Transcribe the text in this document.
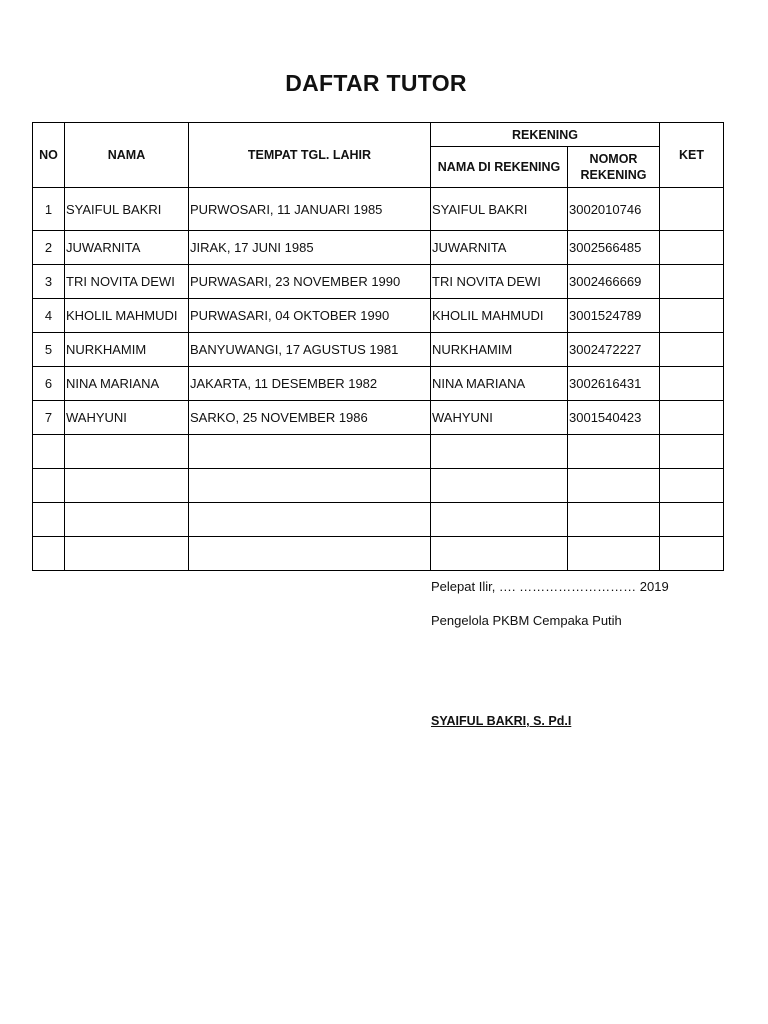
DAFTAR TUTOR
NO	NAMA	TEMPAT TGL. LAHIR	REKENING		KET
			NAMA DI REKENING	NOMOR REKENING	
1	SYAIFUL BAKRI	PURWOSARI, 11 JANUARI 1985	SYAIFUL BAKRI	3002010746	
2	JUWARNITA	JIRAK, 17 JUNI 1985	JUWARNITA	3002566485	
3	TRI NOVITA DEWI	PURWASARI, 23 NOVEMBER 1990	TRI NOVITA DEWI	3002466669	
4	KHOLIL MAHMUDI	PURWASARI, 04 OKTOBER 1990	KHOLIL MAHMUDI	3001524789	
5	NURKHAMIM	BANYUWANGI, 17 AGUSTUS 1981	NURKHAMIM	3002472227	
6	NINA MARIANA	JAKARTA, 11 DESEMBER 1982	NINA MARIANA	3002616431	
7	WAHYUNI	SARKO, 25 NOVEMBER 1986	WAHYUNI	3001540423	

Pelepat Ilir, …. ……………………… 2019
Pengelola PKBM Cempaka Putih
SYAIFUL BAKRI, S. Pd.I
